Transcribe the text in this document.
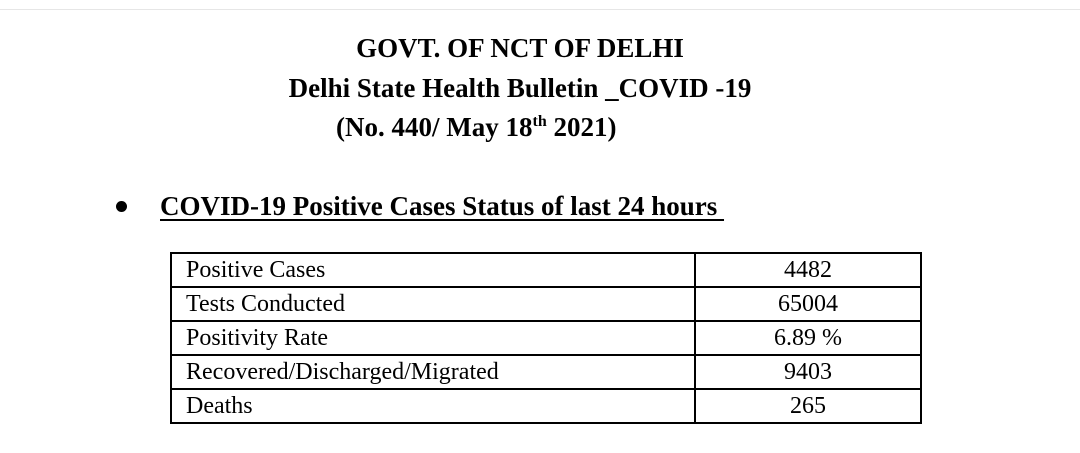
GOVT. OF NCT OF DELHI
Delhi State Health Bulletin _COVID -19
(No. 440/ May 18th 2021)
COVID-19 Positive Cases Status of last 24 hours
Positive Cases	4482
Tests Conducted	65004
Positivity Rate	6.89 %
Recovered/Discharged/Migrated	9403
Deaths	265
